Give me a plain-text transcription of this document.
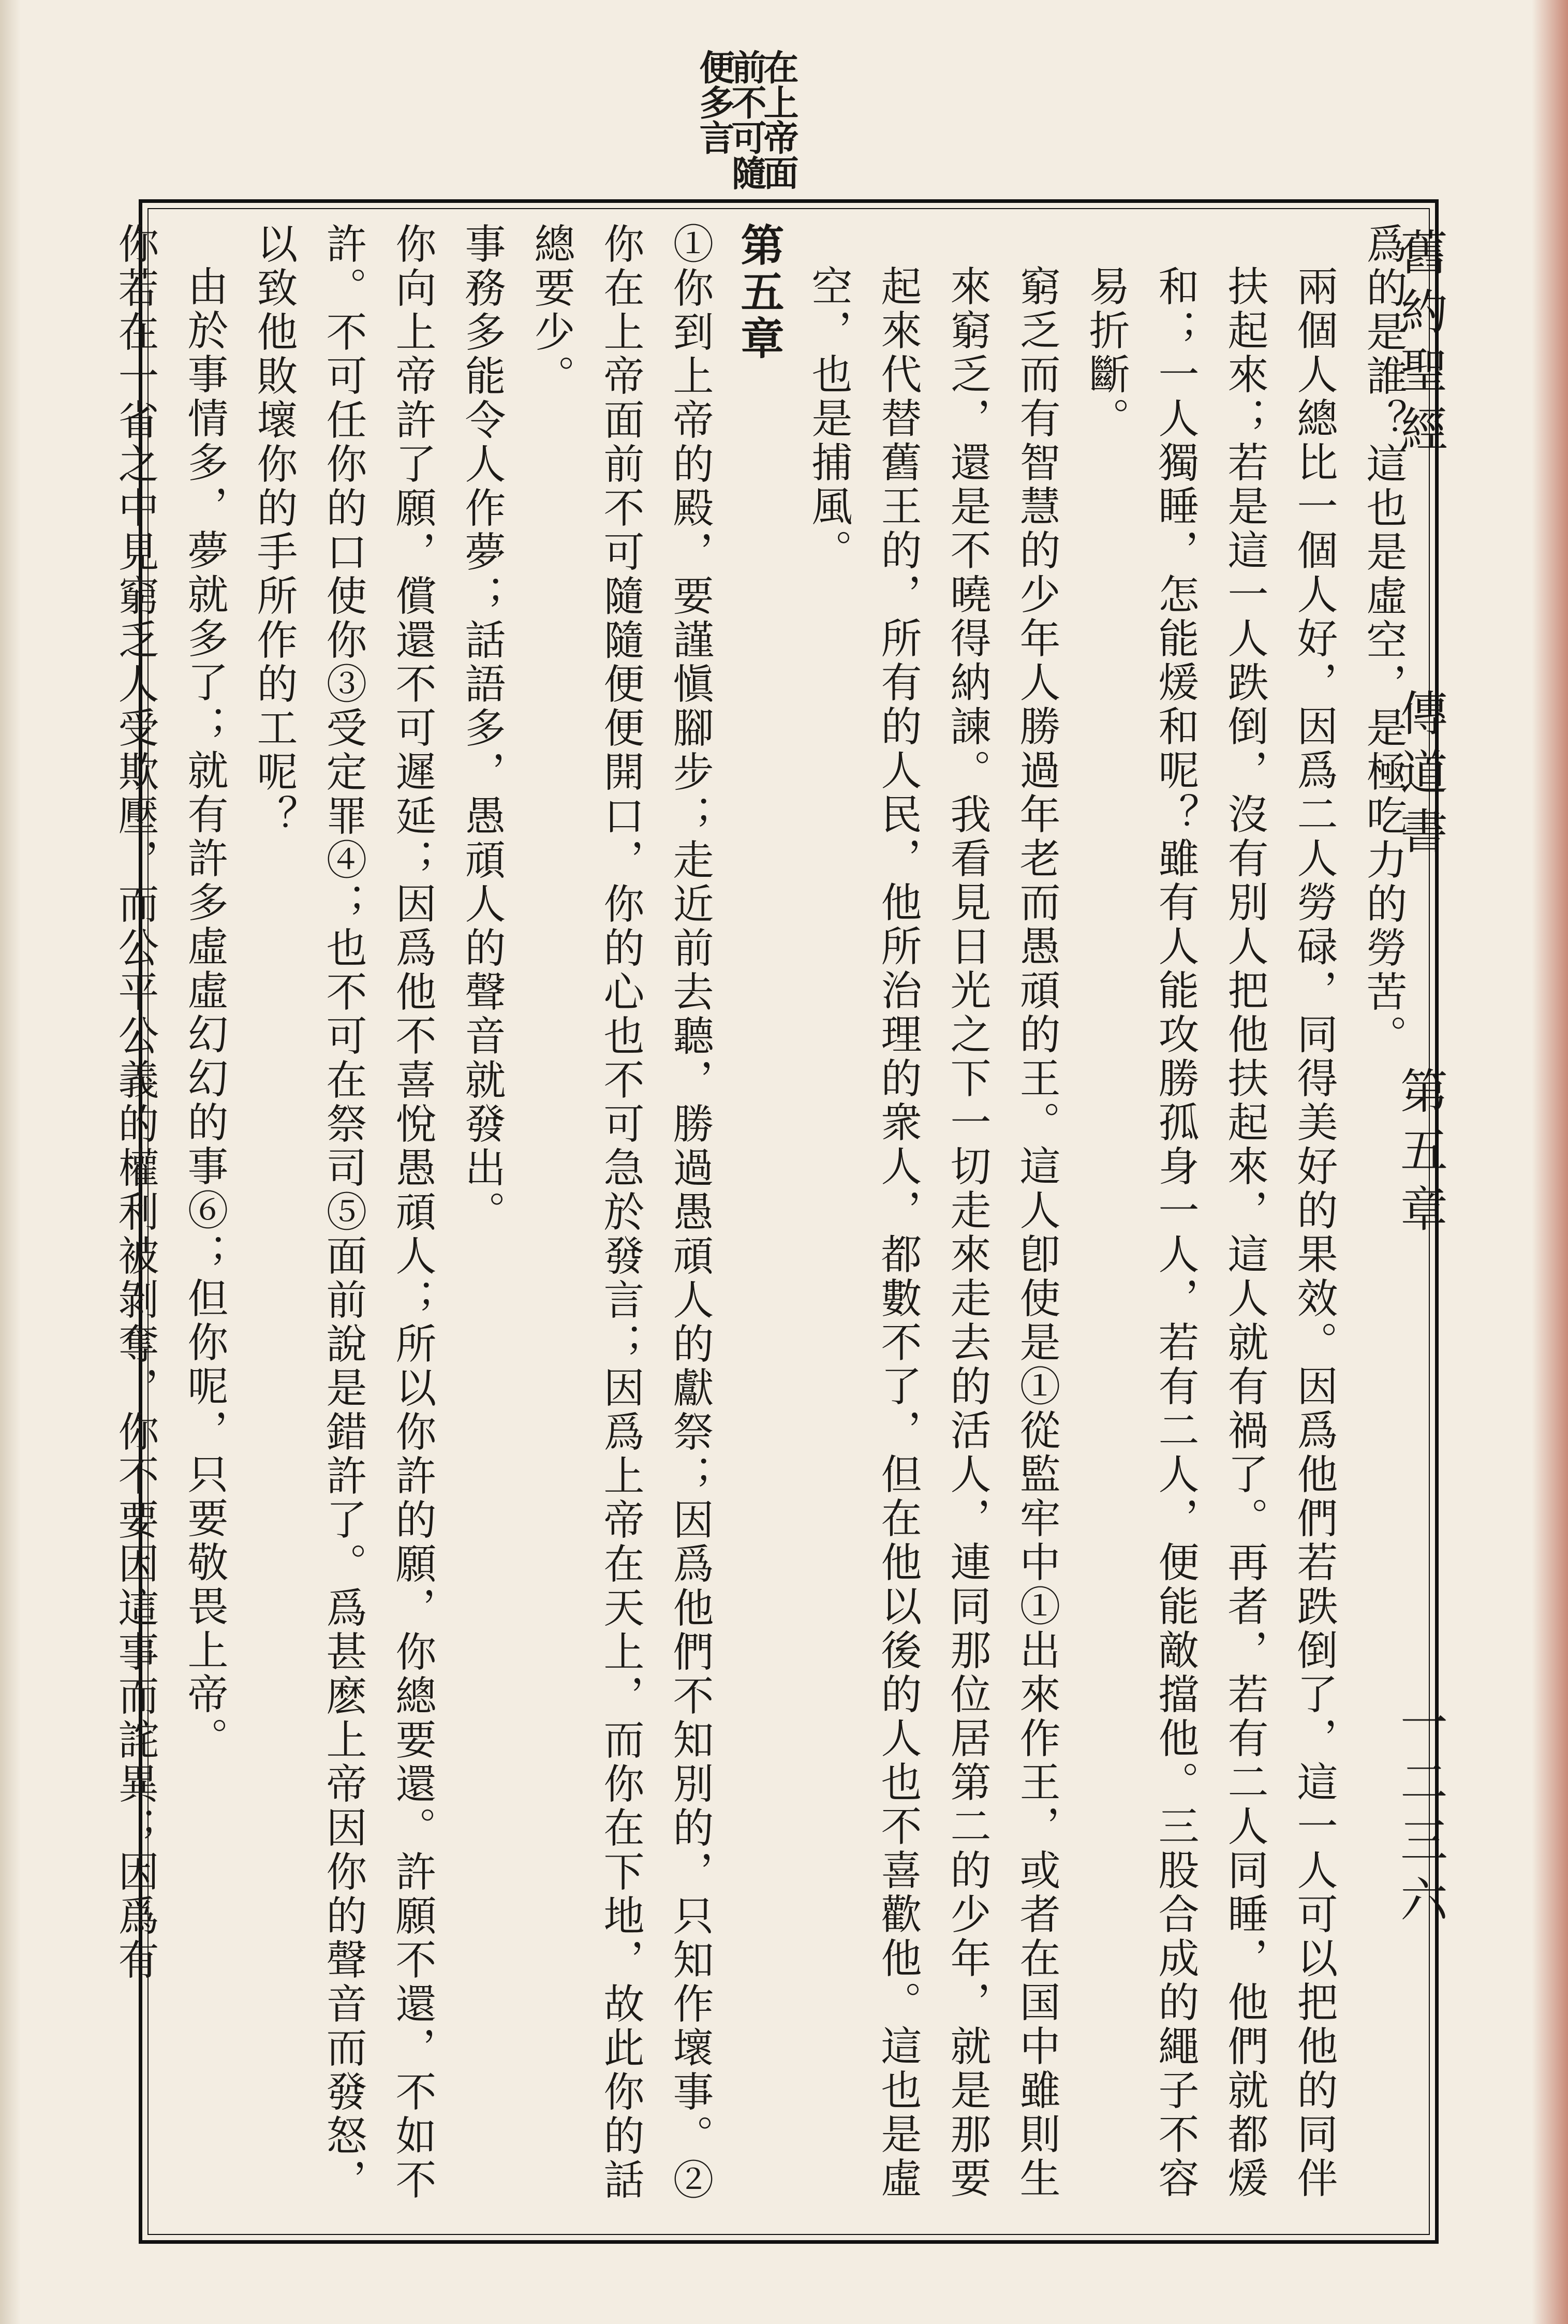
舊約聖經
傳道書
第五章
一二三六
在上帝面前不可隨便多言

爲的是誰？這也是虛空，是極吃力的勞苦。

兩個人總比一個人好，因爲二人勞碌，同得美好的果效。因爲他們若跌倒了，這一人可以把他的同伴扶起來；若是這一人跌倒，沒有別人把他扶起來，這人就有禍了。再者，若有二人同睡，他們就都煖和；一人獨睡，怎能煖和呢？雖有人能攻勝孤身一人，若有二人，便能敵擋他。三股合成的繩子不容易折斷。

窮乏而有智慧的少年人勝過年老而愚頑的王。這人卽使是①從監牢中①出來作王，或者在国中雖則生來窮乏，還是不曉得納諫。我看見日光之下一切走來走去的活人，連同那位居第二的少年，就是那要起來代替舊王的，所有的人民，他所治理的衆人，都數不了，但在他以後的人也不喜歡他。這也是虛空，也是捕風。

第五章

①你到上帝的殿，要謹愼腳步；走近前去聽，勝過愚頑人的獻祭；因爲他們不知別的，只知作壞事。②你在上帝面前不可隨隨便便開口，你的心也不可急於發言；因爲上帝在天上，而你在下地，故此你的話總要少。

事務多能令人作夢；話語多，愚頑人的聲音就發出。

你向上帝許了願，償還不可遲延；因爲他不喜悅愚頑人；所以你許的願，你總要還。許願不還，不如不許。不可任你的口使你③受定罪④；也不可在祭司⑤面前說是錯許了。爲甚麽上帝因你的聲音而發怒，以致他敗壞你的手所作的工呢？

由於事情多，夢就多了；就有許多虛虛幻幻的事⑥；但你呢，只要敬畏上帝。

你若在一省之中見窮乏人受欺壓，而公平公義的權利被剝奪，你不要因這事而詫異；因爲有
